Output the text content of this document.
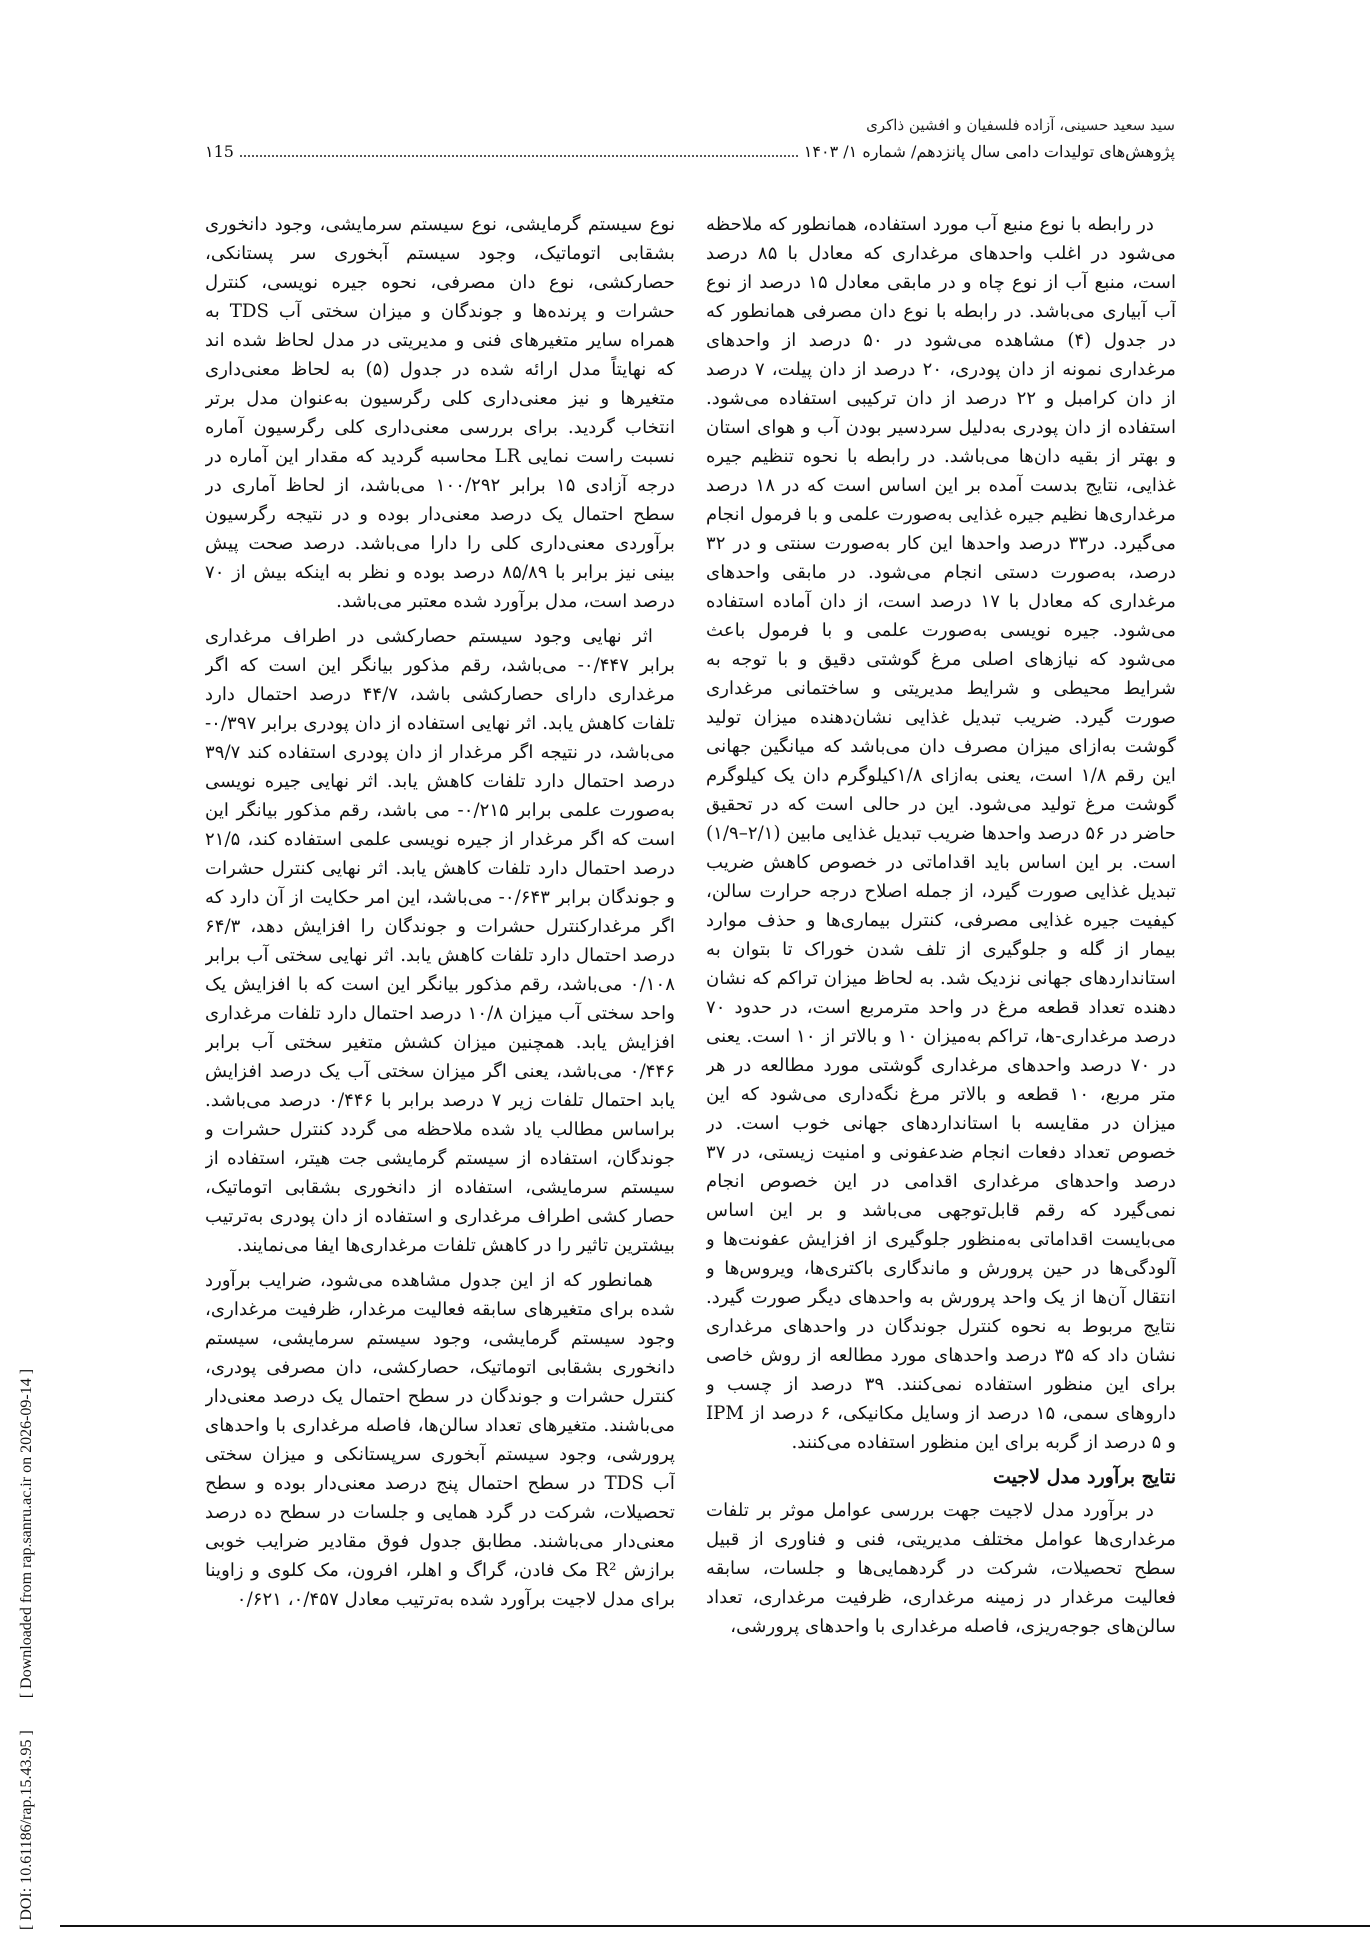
سید سعید حسینی، آزاده فلسفیان و افشین ذاکری
پژوهش‌های تولیدات دامی سال پانزدهم/ شماره ۱/ ۱۴۰۳
۱15

در رابطه با نوع منبع آب مورد استفاده، همانطور که ملاحظه می‌شود در اغلب واحدهای مرغداری که معادل با ۸۵ درصد است، منبع آب از نوع چاه و در مابقی معادل ۱۵ درصد از نوع آب آبیاری می‌باشد. در رابطه با نوع دان مصرفی همانطور که در جدول (۴) مشاهده می‌شود در ۵۰ درصد از واحدهای مرغداری نمونه از دان پودری، ۲۰ درصد از دان پیلت، ۷ درصد از دان کرامبل و ۲۲ درصد از دان ترکیبی استفاده می‌شود. استفاده از دان پودری به‌دلیل سردسیر بودن آب و هوای استان و بهتر از بقیه دان‌ها می‌باشد. در رابطه با نحوه تنظیم جیره غذایی، نتایج بدست آمده بر این اساس است که در ۱۸ درصد مرغداری‌ها نظیم جیره غذایی به‌صورت علمی و با فرمول انجام می‌گیرد. در۳۳ درصد واحدها این کار به‌صورت سنتی و در ۳۲ درصد، به‌صورت دستی انجام می‌شود. در مابقی واحدهای مرغداری که معادل با ۱۷ درصد است، از دان آماده استفاده می‌شود. جیره نویسی به‌صورت علمی و با فرمول باعث می‌شود که نیازهای اصلی مرغ گوشتی دقیق و با توجه به شرایط محیطی و شرایط مدیریتی و ساختمانی مرغداری صورت گیرد. ضریب تبدیل غذایی نشان‌دهنده میزان تولید گوشت به‌ازای میزان مصرف دان می‌باشد که میانگین جهانی این رقم ۱/۸ است، یعنی به‌ازای ۱/۸کیلوگرم دان یک کیلوگرم گوشت مرغ تولید می‌شود. این در حالی است که در تحقیق حاضر در ۵۶ درصد واحدها ضریب تبدیل غذایی مابین (۲/۱–۱/۹) است. بر این اساس باید اقداماتی در خصوص کاهش ضریب تبدیل غذایی صورت گیرد، از جمله اصلاح درجه حرارت سالن، کیفیت جیره غذایی مصرفی، کنترل بیماری‌ها و حذف موارد بیمار از گله و جلوگیری از تلف شدن خوراک تا بتوان به استانداردهای جهانی نزدیک شد. به لحاظ میزان تراکم که نشان دهنده تعداد قطعه مرغ در واحد مترمربع است، در حدود ۷۰ درصد مرغداری-ها، تراکم به‌میزان ۱۰ و بالاتر از ۱۰ است. یعنی در ۷۰ درصد واحدهای مرغداری گوشتی مورد مطالعه در هر متر مربع، ۱۰ قطعه و بالاتر مرغ نگه‌داری می‌شود که این میزان در مقایسه با استانداردهای جهانی خوب است. در خصوص تعداد دفعات انجام ضدعفونی و امنیت زیستی، در ۳۷ درصد واحدهای مرغداری اقدامی در این خصوص انجام نمی‌گیرد که رقم قابل‌توجهی می‌باشد و بر این اساس می‌بایست اقداماتی به‌منظور جلوگیری از افزایش عفونت‌ها و آلودگی‌ها در حین پرورش و ماندگاری باکتری‌ها، ویروس‌ها و انتقال آن‌ها از یک واحد پرورش به واحدهای دیگر صورت گیرد. نتایج مربوط به نحوه کنترل جوندگان در واحدهای مرغداری نشان داد که ۳۵ درصد واحدهای مورد مطالعه از روش خاصی برای این منظور استفاده نمی‌کنند. ۳۹ درصد از چسب و داروهای سمی، ۱۵ درصد از وسایل مکانیکی، ۶ درصد از IPM و ۵ درصد از گربه برای این منظور استفاده می‌کنند.

نتایج برآورد مدل لاجیت

در برآورد مدل لاجیت جهت بررسی عوامل موثر بر تلفات مرغداری‌ها عوامل مختلف مدیریتی، فنی و فناوری از قبیل سطح تحصیلات، شرکت در گردهمایی‌ها و جلسات، سابقه فعالیت مرغدار در زمینه مرغداری، ظرفیت مرغداری، تعداد سالن‌های جوجه‌ریزی، فاصله مرغداری با واحدهای پرورشی،

نوع سیستم گرمایشی، نوع سیستم سرمایشی، وجود دانخوری بشقابی اتوماتیک، وجود سیستم آبخوری سر پستانکی، حصارکشی، نوع دان مصرفی، نحوه جیره نویسی، کنترل حشرات و پرنده‌ها و جوندگان و میزان سختی آب TDS به همراه سایر متغیرهای فنی و مدیریتی در مدل لحاظ شده اند که نهایتاً مدل ارائه شده در جدول (۵) به لحاظ معنی‌داری متغیرها و نیز معنی‌داری کلی رگرسیون به‌عنوان مدل برتر انتخاب گردید. برای بررسی معنی‌داری کلی رگرسیون آماره نسبت راست نمایی LR محاسبه گردید که مقدار این آماره در درجه آزادی ۱۵ برابر ۱۰۰/۲۹۲ می‌باشد، از لحاظ آماری در سطح احتمال یک درصد معنی‌دار بوده و در نتیجه رگرسیون برآوردی معنی‌داری کلی را دارا می‌باشد. درصد صحت پیش بینی نیز برابر با ۸۵/۸۹ درصد بوده و نظر به اینکه بیش از ۷۰ درصد است، مدل برآورد شده معتبر می‌باشد.

اثر نهایی وجود سیستم حصارکشی در اطراف مرغداری برابر ۰/۴۴۷- می‌باشد، رقم مذکور بیانگر این است که اگر مرغداری دارای حصارکشی باشد، ۴۴/۷ درصد احتمال دارد تلفات کاهش یابد. اثر نهایی استفاده از دان پودری برابر ۰/۳۹۷- می‌باشد، در نتیجه اگر مرغدار از دان پودری استفاده کند ۳۹/۷ درصد احتمال دارد تلفات کاهش یابد. اثر نهایی جیره نویسی به‌صورت علمی برابر ۰/۲۱۵- می باشد، رقم مذکور بیانگر این است که اگر مرغدار از جیره نویسی علمی استفاده کند، ۲۱/۵ درصد احتمال دارد تلفات کاهش یابد. اثر نهایی کنترل حشرات و جوندگان برابر ۰/۶۴۳- می‌باشد، این امر حکایت از آن دارد که اگر مرغدارکنترل حشرات و جوندگان را افزایش دهد، ۶۴/۳ درصد احتمال دارد تلفات کاهش یابد. اثر نهایی سختی آب برابر ۰/۱۰۸ می‌باشد، رقم مذکور بیانگر این است که با افزایش یک واحد سختی آب میزان ۱۰/۸ درصد احتمال دارد تلفات مرغداری افزایش یابد. همچنین میزان کشش متغیر سختی آب برابر ۰/۴۴۶ می‌باشد، یعنی اگر میزان سختی آب یک درصد افزایش یابد احتمال تلفات زیر ۷ درصد برابر با ۰/۴۴۶ درصد می‌باشد. براساس مطالب یاد شده ملاحظه می گردد کنترل حشرات و جوندگان، استفاده از سیستم گرمایشی جت هیتر، استفاده از سیستم سرمایشی، استفاده از دانخوری بشقابی اتوماتیک، حصار کشی اطراف مرغداری و استفاده از دان پودری به‌ترتیب بیشترین تاثیر را در کاهش تلفات مرغداری‌ها ایفا می‌نمایند.

همانطور که از این جدول مشاهده می‌شود، ضرایب برآورد شده برای متغیرهای سابقه فعالیت مرغدار، ظرفیت مرغداری، وجود سیستم گرمایشی، وجود سیستم سرمایشی، سیستم دانخوری بشقابی اتوماتیک، حصارکشی، دان مصرفی پودری، کنترل حشرات و جوندگان در سطح احتمال یک درصد معنی‌دار می‌باشند. متغیرهای تعداد سالن‌ها، فاصله مرغداری با واحدهای پرورشی، وجود سیستم آبخوری سرپستانکی و میزان سختی آب TDS در سطح احتمال پنج درصد معنی‌دار بوده و سطح تحصیلات، شرکت در گرد همایی و جلسات در سطح ده درصد معنی‌دار می‌باشند. مطابق جدول فوق مقادیر ضرایب خوبی برازش R² مک فادن، گراگ و اهلر، افرون، مک کلوی و زاوینا برای مدل لاجیت برآورد شده به‌ترتیب معادل ۰/۴۵۷، ۰/۶۲۱

[ DOI: 10.61186/rap.15.43.95 ] [ Downloaded from rap.sanru.ac.ir on 2026-09-14 ]
